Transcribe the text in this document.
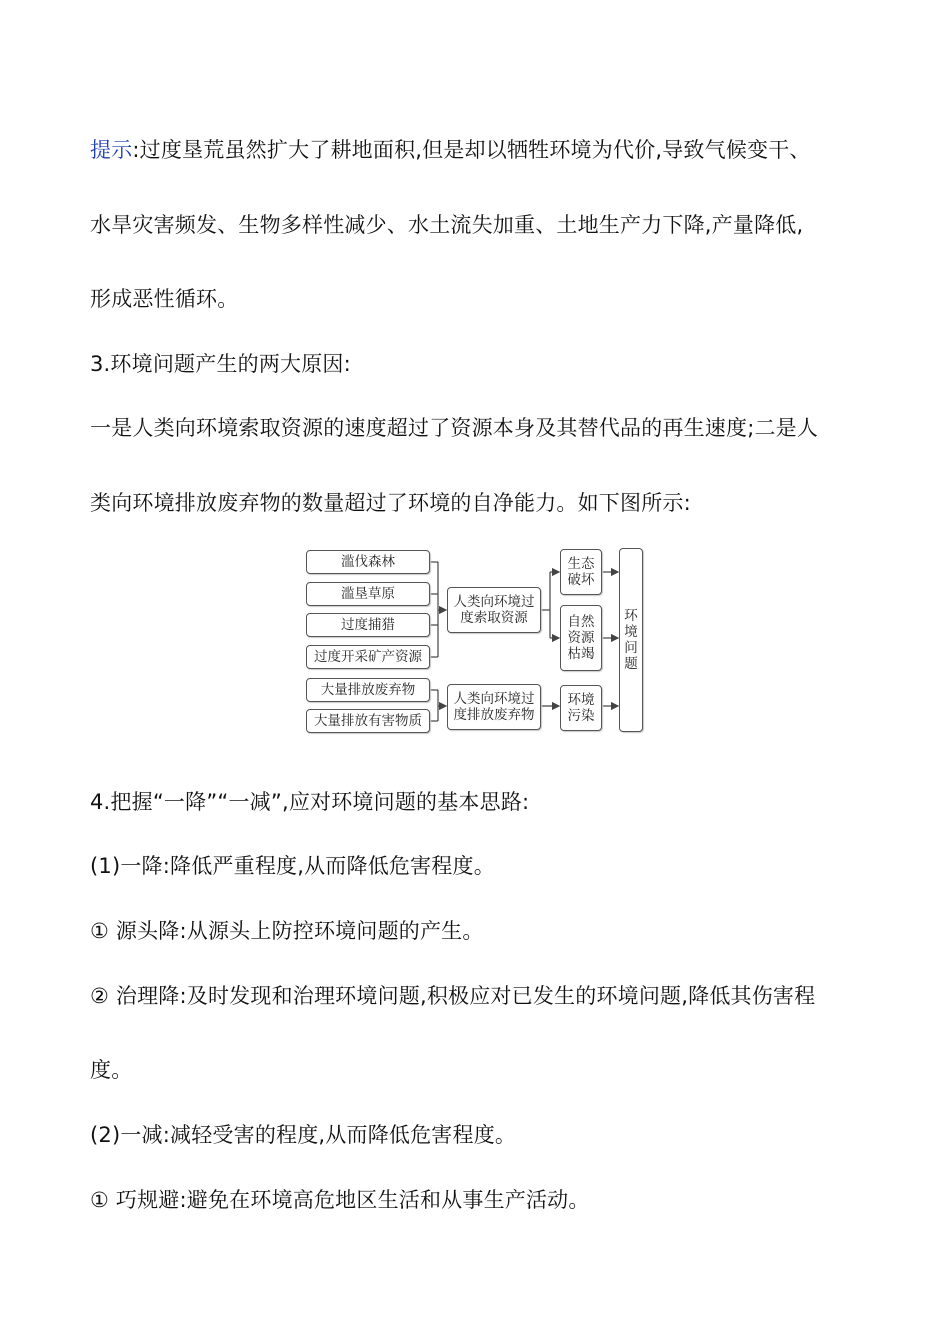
提示:过度垦荒虽然扩大了耕地面积,但是却以牺牲环境为代价,导致气候变干、
水旱灾害频发、生物多样性减少、水土流失加重、土地生产力下降,产量降低,
形成恶性循环。
3.环境问题产生的两大原因:
一是人类向环境索取资源的速度超过了资源本身及其替代品的再生速度;二是人
类向环境排放废弃物的数量超过了环境的自净能力。如下图所示:
滥伐森林
滥垦草原
过度捕猎
过度开采矿产资源
大量排放废弃物
大量排放有害物质
人类向环境过度索取资源
人类向环境过度排放废弃物
生态破坏
自然资源枯竭
环境污染
环境问题
4.把握“一降”“一减”,应对环境问题的基本思路:
(1)一降:降低严重程度,从而降低危害程度。
① 源头降:从源头上防控环境问题的产生。
② 治理降:及时发现和治理环境问题,积极应对已发生的环境问题,降低其伤害程
度。
(2)一减:减轻受害的程度,从而降低危害程度。
① 巧规避:避免在环境高危地区生活和从事生产活动。
